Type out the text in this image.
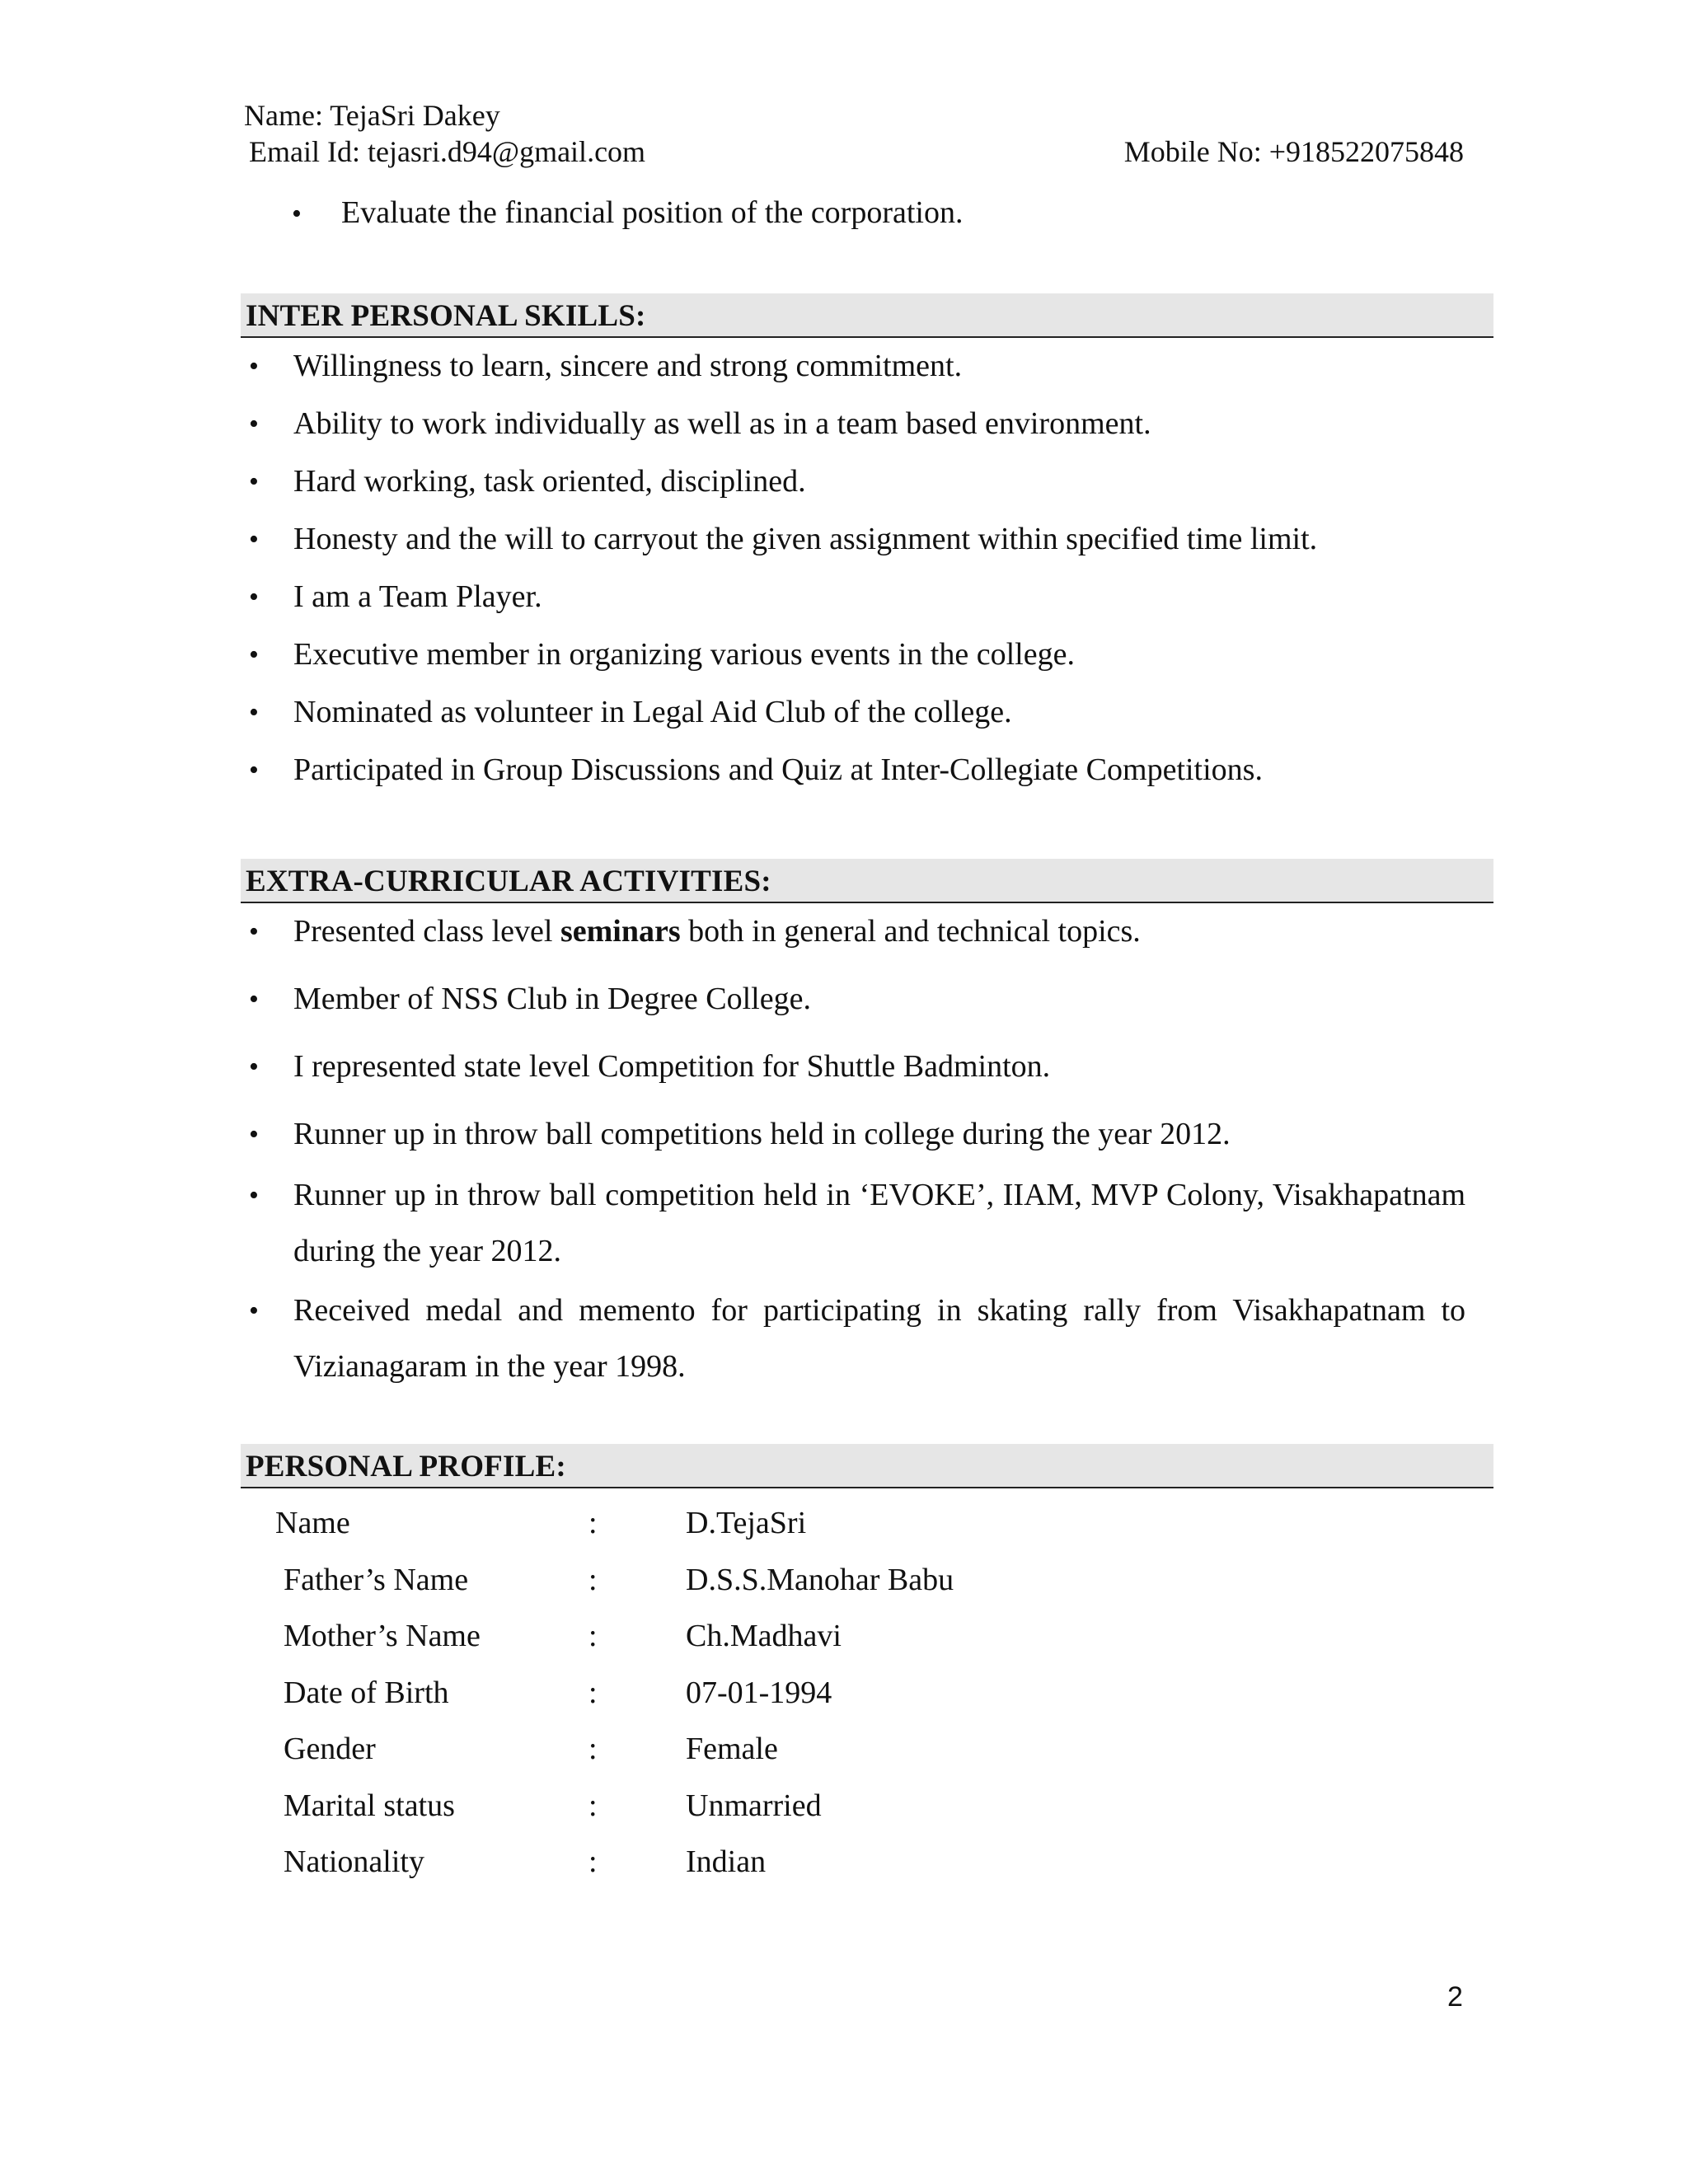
Name: TejaSri Dakey
Email Id: tejasri.d94@gmail.com	Mobile No: +918522075848
•	Evaluate the financial position of the corporation.
INTER PERSONAL SKILLS:
•	Willingness to learn, sincere and strong commitment.
•	Ability to work individually as well as in a team based environment.
•	Hard working, task oriented, disciplined.
•	Honesty and the will to carryout the given assignment within specified time limit.
•	I am a Team Player.
•	Executive member in organizing various events in the college.
•	Nominated as volunteer in Legal Aid Club of the college.
•	Participated in Group Discussions and Quiz at Inter-Collegiate Competitions.
EXTRA-CURRICULAR ACTIVITIES:
•	Presented class level seminars both in general and technical topics.
•	Member of NSS Club in Degree College.
•	I represented state level Competition for Shuttle Badminton.
•	Runner up in throw ball competitions held in college during the year 2012.
•	Runner up in throw ball competition held in ‘EVOKE’, IIAM, MVP Colony, Visakhapatnam during the year 2012.
•	Received medal and memento for participating in skating rally from Visakhapatnam to Vizianagaram in the year 1998.
PERSONAL PROFILE:
Name	:	D.TejaSri
Father’s Name	:	D.S.S.Manohar Babu
Mother’s Name	:	Ch.Madhavi
Date of Birth	:	07-01-1994
Gender	:	Female
Marital status	:	Unmarried
Nationality	:	Indian
2
